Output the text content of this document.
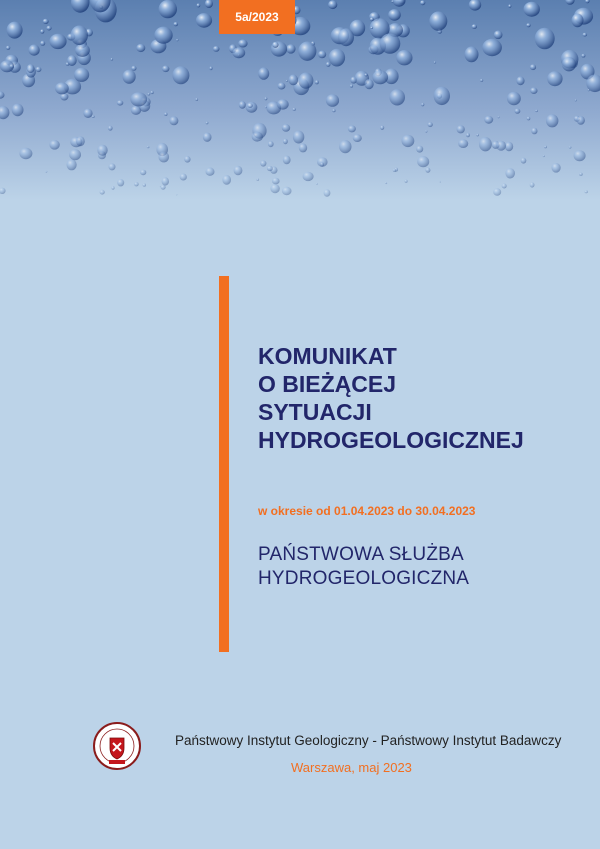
5a/2023
KOMUNIKAT
O BIEŻĄCEJ
SYTUACJI
HYDROGEOLOGICZNEJ
w okresie od 01.04.2023 do 30.04.2023
PAŃSTWOWA SŁUŻBA
HYDROGEOLOGICZNA
Państwowy Instytut Geologiczny - Państwowy Instytut Badawczy
Warszawa, maj 2023
